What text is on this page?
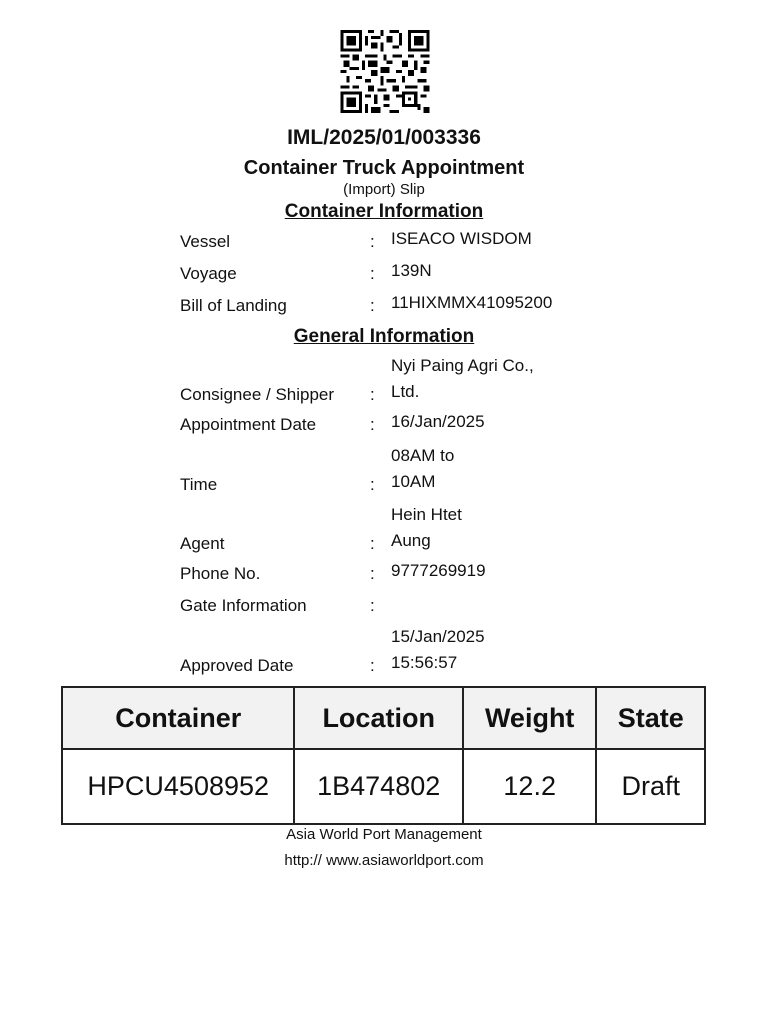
IML/2025/01/003336
Container Truck Appointment
(Import) Slip
Container Information
Vessel	: ISEACO WISDOM
Voyage	: 139N
Bill of Landing	: 11HIXMMX41095200
General Information
Consignee / Shipper :
Nyi Paing Agri Co., Ltd.
Appointment Date	: 16/Jan/2025
Time	:
08AM to 10AM
Agent	:
Hein Htet Aung
Phone No.	: 9777269919
Gate Information	:
Approved Date	:
15/Jan/2025 15:56:57
Container	Location	Weight	State
HPCU4508952	1B474802	12.2	Draft
Asia World Port Management
http:// www.asiaworldport.com
